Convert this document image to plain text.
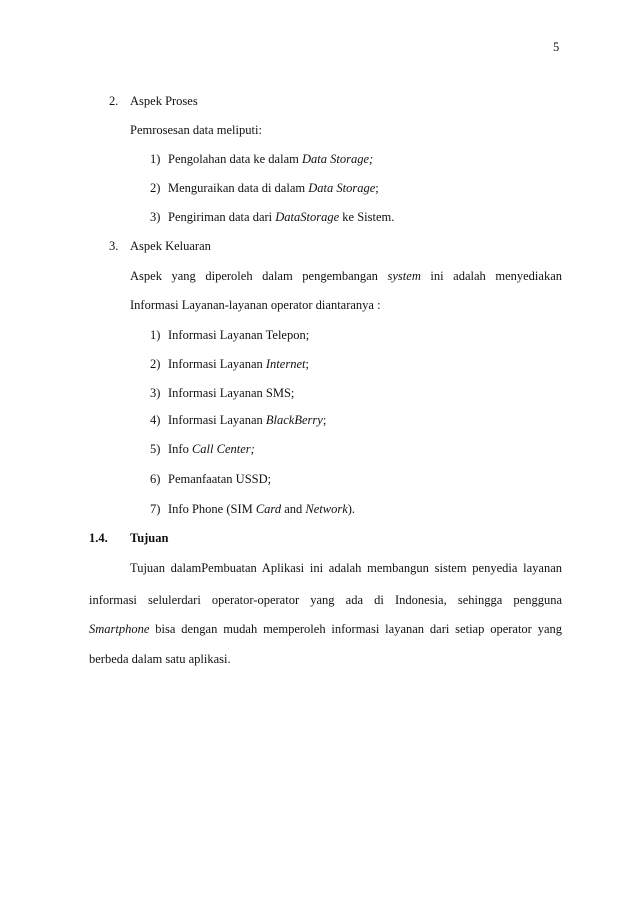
5
2. Aspek Proses
Pemrosesan data meliputi:
1) Pengolahan data ke dalam Data Storage;
2) Menguraikan data di dalam Data Storage;
3) Pengiriman data dari DataStorage ke Sistem.
3. Aspek Keluaran
Aspek yang diperoleh dalam pengembangan system ini adalah menyediakan
Informasi Layanan-layanan operator diantaranya :
1) Informasi Layanan Telepon;
2) Informasi Layanan Internet;
3) Informasi Layanan SMS;
4) Informasi Layanan BlackBerry;
5) Info Call Center;
6) Pemanfaatan USSD;
7) Info Phone (SIM Card and Network).
1.4. Tujuan
Tujuan dalamPembuatan Aplikasi ini adalah membangun sistem penyedia layanan
informasi selulerdari operator-operator yang ada di Indonesia, sehingga pengguna
Smartphone bisa dengan mudah memperoleh informasi layanan dari setiap operator yang
berbeda dalam satu aplikasi.
